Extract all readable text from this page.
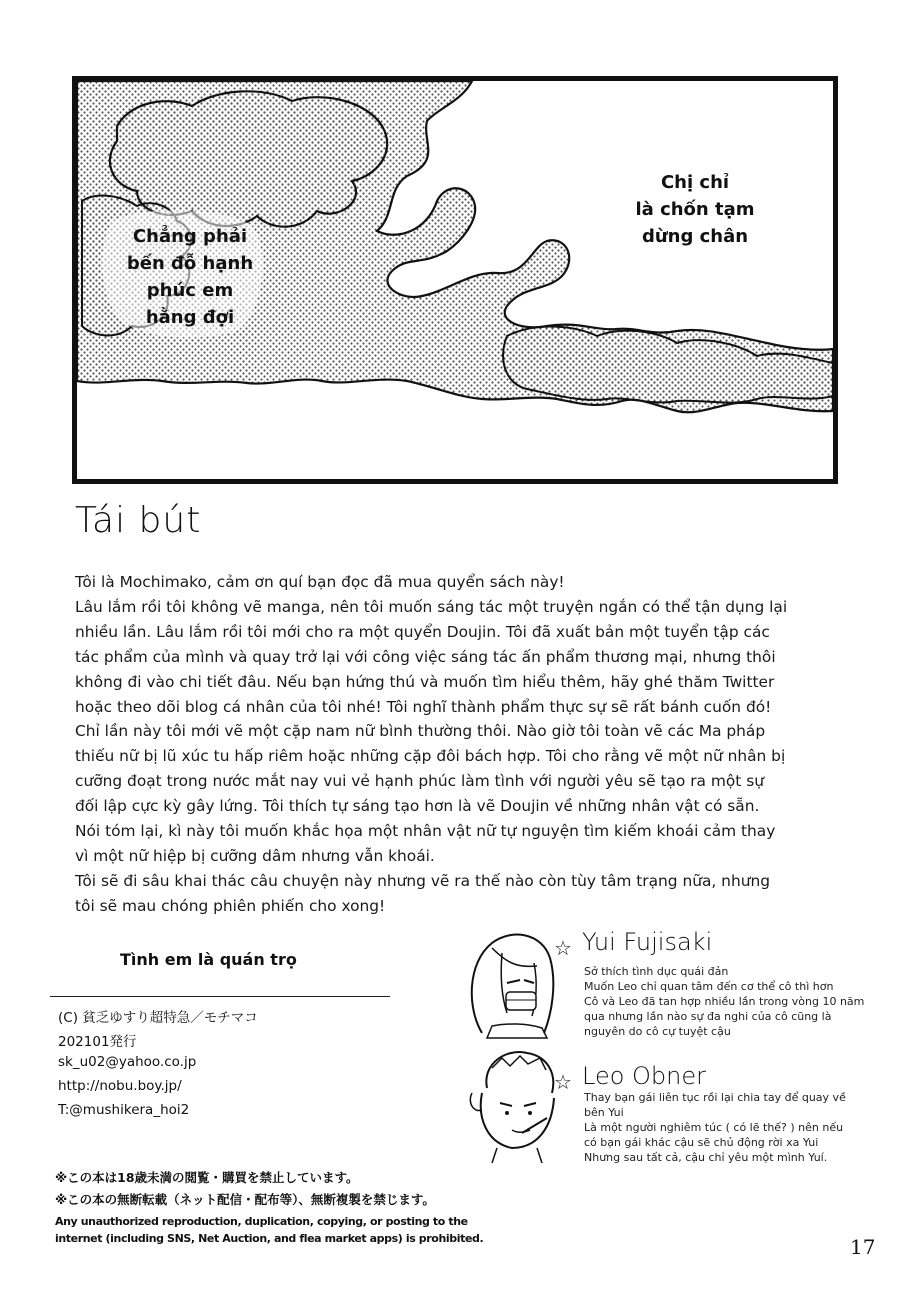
Chẳng phải
bến đỗ hạnh
phúc em
hằng đợi
Chị chỉ
là chốn tạm
dừng chân
Tái bút

Tôi là Mochimako, cảm ơn quí bạn đọc đã mua quyển sách này!

Lâu lắm rồi tôi không vẽ manga, nên tôi muốn sáng tác một truyện ngắn có thể tận dụng lại

nhiều lần. Lâu lắm rồi tôi mới cho ra một quyển Doujin. Tôi đã xuất bản một tuyển tập các

tác phẩm của mình và quay trở lại với công việc sáng tác ấn phẩm thương mại, nhưng thôi

không đi vào chi tiết đâu. Nếu bạn hứng thú và muốn tìm hiểu thêm, hãy ghé thăm Twitter

hoặc theo dõi blog cá nhân của tôi nhé! Tôi nghĩ thành phẩm thực sự sẽ rất bánh cuốn đó!

Chỉ lần này tôi mới vẽ một cặp nam nữ bình thường thôi. Nào giờ tôi toàn vẽ các Ma pháp

thiếu nữ bị lũ xúc tu hấp riêm hoặc những cặp đôi bách hợp. Tôi cho rằng vẽ một nữ nhân bị

cưỡng đoạt trong nước mắt nay vui vẻ hạnh phúc làm tình với người yêu sẽ tạo ra một sự

đối lập cực kỳ gây lứng. Tôi thích tự sáng tạo hơn là vẽ Doujin về những nhân vật có sẵn.

Nói tóm lại, kì này tôi muốn khắc họa một nhân vật nữ tự nguyện tìm kiếm khoái cảm thay

vì một nữ hiệp bị cưỡng dâm nhưng vẫn khoái.

Tôi sẽ đi sâu khai thác câu chuyện này nhưng vẽ ra thế nào còn tùy tâm trạng nữa, nhưng

tôi sẽ mau chóng phiên phiến cho xong!

Tình em là quán trọ
(C) 貧乏ゆすり超特急／モチマコ
202101発行
sk_u02@yahoo.co.jp
http://nobu.boy.jp/
T:@mushikera_hoi2
☆ Yui Fujisaki
Sở thích tình dục quái đản
Muốn Leo chỉ quan tâm đến cơ thể cô thì hơn
Cô và Leo đã tan hợp nhiều lần trong vòng 10 năm
qua nhưng lần nào sự đa nghi của cô cũng là
nguyên do cô cự tuyệt cậu
☆ Leo Obner
Thay bạn gái liên tục rồi lại chia tay để quay về
bên Yui
Là một người nghiêm túc ( có lẽ thế? ) nên nếu
có bạn gái khác cậu sẽ chủ động rời xa Yui
Nhưng sau tất cả, cậu chỉ yêu một mình Yuí.
※この本は18歳未満の閲覧・購買を禁止しています。
※この本の無断転載（ネット配信・配布等）、無断複製を禁じます。
Any unauthorized reproduction, duplication, copying, or posting to the internet (including SNS, Net Auction, and flea market apps) is prohibited.	17
